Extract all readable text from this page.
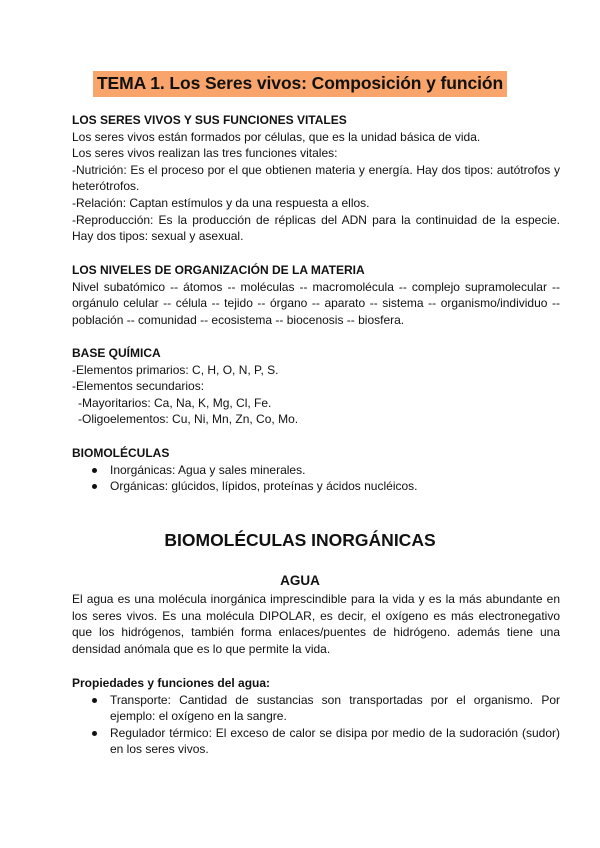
TEMA 1. Los Seres vivos: Composición y función
LOS SERES VIVOS Y SUS FUNCIONES VITALES
Los seres vivos están formados por células, que es la unidad básica de vida.
Los seres vivos realizan las tres funciones vitales:
-Nutrición: Es el proceso por el que obtienen materia y energía. Hay dos tipos: autótrofos y heterótrofos.
-Relación: Captan estímulos y da una respuesta a ellos.
-Reproducción: Es la producción de réplicas del ADN para la continuidad de la especie. Hay dos tipos: sexual y asexual.
LOS NIVELES DE ORGANIZACIÓN DE LA MATERIA
Nivel subatómico -- átomos -- moléculas -- macromolécula -- complejo supramolecular -- orgánulo celular -- célula -- tejido -- órgano -- aparato -- sistema -- organismo/individuo -- población -- comunidad -- ecosistema -- biocenosis -- biosfera.
BASE QUÍMICA
-Elementos primarios: C, H, O, N, P, S.
-Elementos secundarios:
-Mayoritarios: Ca, Na, K, Mg, Cl, Fe.
-Oligoelementos: Cu, Ni, Mn, Zn, Co, Mo.
BIOMOLÉCULAS
Inorgánicas: Agua y sales minerales.
Orgánicas: glúcidos, lípidos, proteínas y ácidos nucléicos.
BIOMOLÉCULAS INORGÁNICAS
AGUA
El agua es una molécula inorgánica imprescindible para la vida y es la más abundante en los seres vivos. Es una molécula DIPOLAR, es decir, el oxígeno es más electronegativo que los hidrógenos, también forma enlaces/puentes de hidrógeno. además tiene una densidad anómala que es lo que permite la vida.
Propiedades y funciones del agua:
Transporte: Cantidad de sustancias son transportadas por el organismo. Por ejemplo: el oxígeno en la sangre.
Regulador térmico: El exceso de calor se disipa por medio de la sudoración (sudor) en los seres vivos.
